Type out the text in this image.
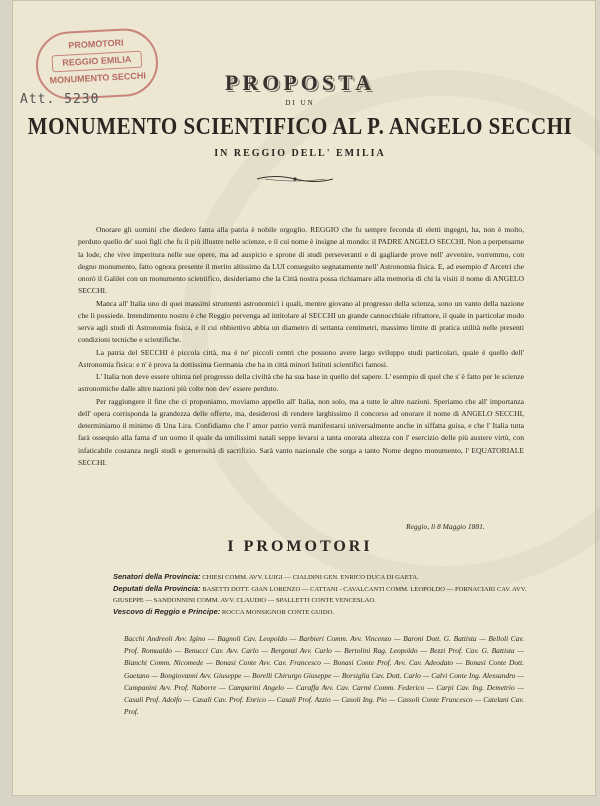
PROMOTORI
REGGIO EMILIA
MONUMENTO SECCHI
Att. 5230
PROPOSTA
DI UN
MONUMENTO SCIENTIFICO AL P. ANGELO SECCHI
IN REGGIO DELL' EMILIA

Onorare gli uomini che diedero fama alla patria è nobile orgoglio. REGGIO che fu sempre feconda di eletti ingegni, ha, non è molto, perduto quello de' suoi figli che fu il più illustre nelle scienze, e il cui nome è insigne al mondo: il PADRE ANGELO SECCHI. Non a perpetuarne la lode, che vive imperitura nelle sue opere, ma ad auspicio e sprone di studi perseveranti e di gagliarde prove nell' avvenire, vorremmo, con degno monumento, fatto ognora presente il merito altissimo da LUI conseguito segnatamente nell' Astronomia fisica. E, ad esempio d' Arcetri che onorò il Galilei con un monumento scientifico, desideriamo che la Città nostra possa richiamare alla memoria di chi la visiti il nome di ANGELO SECCHI.

Manca all' Italia uno di quei massimi strumenti astronomici i quali, mentre giovano al progresso della scienza, sono un vanto della nazione che li possiede. Intendimento nostro è che Reggio pervenga ad intitolare al SECCHI un grande cannocchiale rifrattore, il quale in particolar modo serva agli studi di Astronomia fisica, e il cui obbiettivo abbia un diametro di settanta centimetri, massimo limite di pratica utilità nelle presenti condizioni tecniche e scientifiche.

La patria del SECCHI è piccola città, ma è ne' piccoli centri che possono avere largo sviluppo studi particolari, quale è quello dell' Astronomia fisica: e n' è prova la dottissima Germania che ha in città minori Istituti scientifici famosi.

L' Italia non deve essere ultima nel progresso della civiltà che ha sua base in quello del sapere. L' esempio di quel che s' è fatto per le scienze astronomiche dalle altre nazioni più colte non dev' essere perduto.

Per raggiungere il fine che ci proponiamo, moviamo appello all' Italia, non solo, ma a tutte le altre nazioni. Speriamo che all' importanza dell' opera corrisponda la grandezza delle offerte, ma, desiderosi di rendere larghissimo il concorso ad onorare il nome di ANGELO SECCHI, determiniamo il minimo di Una Lira. Confidiamo che l' amor patrio verrà manifestarsi universalmente anche in siffatta guisa, e che l' Italia tutta farà ossequio alla fama d' un uomo il quale da umilissimi natali seppe levarsi a tanta onorata altezza con l' esercizio delle più austere virtù, con infaticabile costanza negli studi e generosità di sacrifizio. Sarà vanto nazionale che sorga a tanto Nome degno monumento, l' EQUATORIALE SECCHI.

Reggio, li 8 Maggio 1881.
I PROMOTORI
Senatori della Provincia: CHIESI COMM. AVV. LUIGI — CIALDINI GEN. ENRICO DUCA DI GAETA.
Deputati della Provincia: BASETTI DOTT. GIAN LORENZO — CATTANI - CAVALCANTI COMM. LEOPOLDO — FORNACIARI CAV. AVV. GIUSEPPE — SANDONNINI COMM. AVV. CLAUDIO — SPALLETTI CONTE VENCESLAO.
Vescovo di Reggio e Principe: ROCCA MONSIGNOR CONTE GUIDO.

Bacchi Andreoli Avv. Igino — Bagnoli Cav. Leopoldo — Barbieri Comm. Avv. Vincenzo — Baroni Dott. G. Battista — Belloli Cav. Prof. Romualdo — Benucci Cav. Avv. Carlo — Bergonzi Avv. Carlo — Bertolini Rag. Leopoldo — Bezzi Prof. Cav. G. Battista — Bianchi Comm. Nicomede — Bonasi Conte Avv. Cav. Francesco — Bonasi Conte Prof. Avv. Cav. Adeodato — Bonasi Conte Dott. Gaetano — Bongiovanni Avv. Giuseppe — Borelli Chirurgo Giuseppe — Borsiglia Cav. Dott. Carlo — Calvi Conte Ing. Alessandro — Campanini Avv. Prof. Naborre — Camparini Angelo — Caraffa Avv. Cav. Carmi Comm. Federico — Carpi Cav. Ing. Demetrio — Casali Prof. Adolfo — Casali Cav. Prof. Enrico — Casali Prof. Azzio — Casoli Ing. Pio — Cassoli Conte Francesco — Catelani Cav. Prof.
